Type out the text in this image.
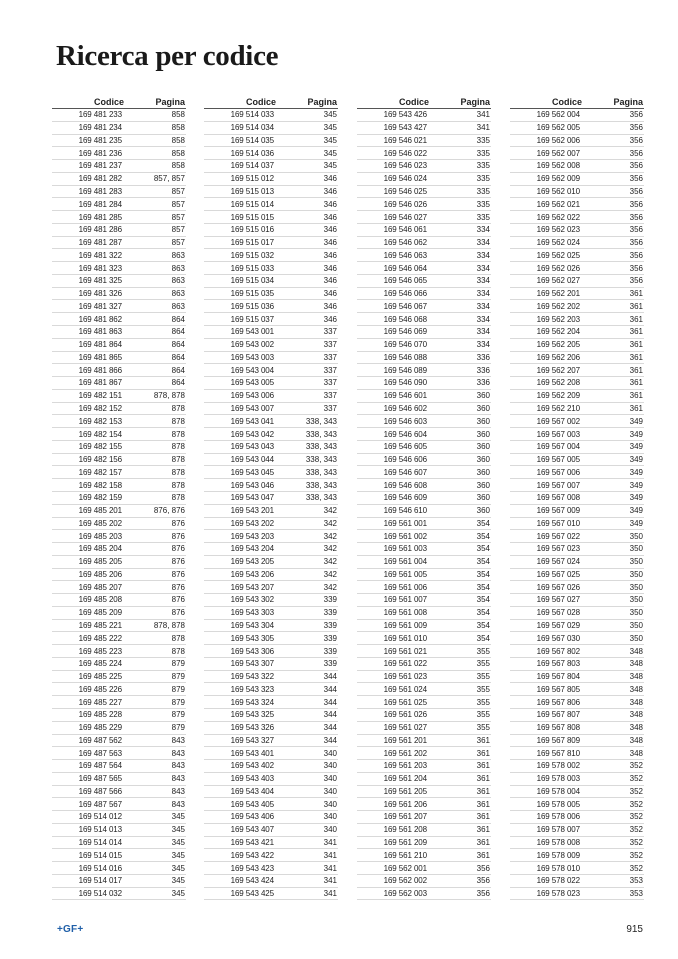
Ricerca per codice
Codice	Pagina
169 481 233	858
169 481 234	858
169 481 235	858
169 481 236	858
169 481 237	858
169 481 282	857, 857
169 481 283	857
169 481 284	857
169 481 285	857
169 481 286	857
169 481 287	857
169 481 322	863
169 481 323	863
169 481 325	863
169 481 326	863
169 481 327	863
169 481 862	864
169 481 863	864
169 481 864	864
169 481 865	864
169 481 866	864
169 481 867	864
169 482 151	878, 878
169 482 152	878
169 482 153	878
169 482 154	878
169 482 155	878
169 482 156	878
169 482 157	878
169 482 158	878
169 482 159	878
169 485 201	876, 876
169 485 202	876
169 485 203	876
169 485 204	876
169 485 205	876
169 485 206	876
169 485 207	876
169 485 208	876
169 485 209	876
169 485 221	878, 878
169 485 222	878
169 485 223	878
169 485 224	879
169 485 225	879
169 485 226	879
169 485 227	879
169 485 228	879
169 485 229	879
169 487 562	843
169 487 563	843
169 487 564	843
169 487 565	843
169 487 566	843
169 487 567	843
169 514 012	345
169 514 013	345
169 514 014	345
169 514 015	345
169 514 016	345
169 514 017	345
169 514 032	345
Codice	Pagina
169 514 033	345
169 514 034	345
169 514 035	345
169 514 036	345
169 514 037	345
169 515 012	346
169 515 013	346
169 515 014	346
169 515 015	346
169 515 016	346
169 515 017	346
169 515 032	346
169 515 033	346
169 515 034	346
169 515 035	346
169 515 036	346
169 515 037	346
169 543 001	337
169 543 002	337
169 543 003	337
169 543 004	337
169 543 005	337
169 543 006	337
169 543 007	337
169 543 041	338, 343
169 543 042	338, 343
169 543 043	338, 343
169 543 044	338, 343
169 543 045	338, 343
169 543 046	338, 343
169 543 047	338, 343
169 543 201	342
169 543 202	342
169 543 203	342
169 543 204	342
169 543 205	342
169 543 206	342
169 543 207	342
169 543 302	339
169 543 303	339
169 543 304	339
169 543 305	339
169 543 306	339
169 543 307	339
169 543 322	344
169 543 323	344
169 543 324	344
169 543 325	344
169 543 326	344
169 543 327	344
169 543 401	340
169 543 402	340
169 543 403	340
169 543 404	340
169 543 405	340
169 543 406	340
169 543 407	340
169 543 421	341
169 543 422	341
169 543 423	341
169 543 424	341
169 543 425	341
Codice	Pagina
169 543 426	341
169 543 427	341
169 546 021	335
169 546 022	335
169 546 023	335
169 546 024	335
169 546 025	335
169 546 026	335
169 546 027	335
169 546 061	334
169 546 062	334
169 546 063	334
169 546 064	334
169 546 065	334
169 546 066	334
169 546 067	334
169 546 068	334
169 546 069	334
169 546 070	334
169 546 088	336
169 546 089	336
169 546 090	336
169 546 601	360
169 546 602	360
169 546 603	360
169 546 604	360
169 546 605	360
169 546 606	360
169 546 607	360
169 546 608	360
169 546 609	360
169 546 610	360
169 561 001	354
169 561 002	354
169 561 003	354
169 561 004	354
169 561 005	354
169 561 006	354
169 561 007	354
169 561 008	354
169 561 009	354
169 561 010	354
169 561 021	355
169 561 022	355
169 561 023	355
169 561 024	355
169 561 025	355
169 561 026	355
169 561 027	355
169 561 201	361
169 561 202	361
169 561 203	361
169 561 204	361
169 561 205	361
169 561 206	361
169 561 207	361
169 561 208	361
169 561 209	361
169 561 210	361
169 562 001	356
169 562 002	356
169 562 003	356
Codice	Pagina
169 562 004	356
169 562 005	356
169 562 006	356
169 562 007	356
169 562 008	356
169 562 009	356
169 562 010	356
169 562 021	356
169 562 022	356
169 562 023	356
169 562 024	356
169 562 025	356
169 562 026	356
169 562 027	356
169 562 201	361
169 562 202	361
169 562 203	361
169 562 204	361
169 562 205	361
169 562 206	361
169 562 207	361
169 562 208	361
169 562 209	361
169 562 210	361
169 567 002	349
169 567 003	349
169 567 004	349
169 567 005	349
169 567 006	349
169 567 007	349
169 567 008	349
169 567 009	349
169 567 010	349
169 567 022	350
169 567 023	350
169 567 024	350
169 567 025	350
169 567 026	350
169 567 027	350
169 567 028	350
169 567 029	350
169 567 030	350
169 567 802	348
169 567 803	348
169 567 804	348
169 567 805	348
169 567 806	348
169 567 807	348
169 567 808	348
169 567 809	348
169 567 810	348
169 578 002	352
169 578 003	352
169 578 004	352
169 578 005	352
169 578 006	352
169 578 007	352
169 578 008	352
169 578 009	352
169 578 010	352
169 578 022	353
169 578 023	353
+GF+	915
